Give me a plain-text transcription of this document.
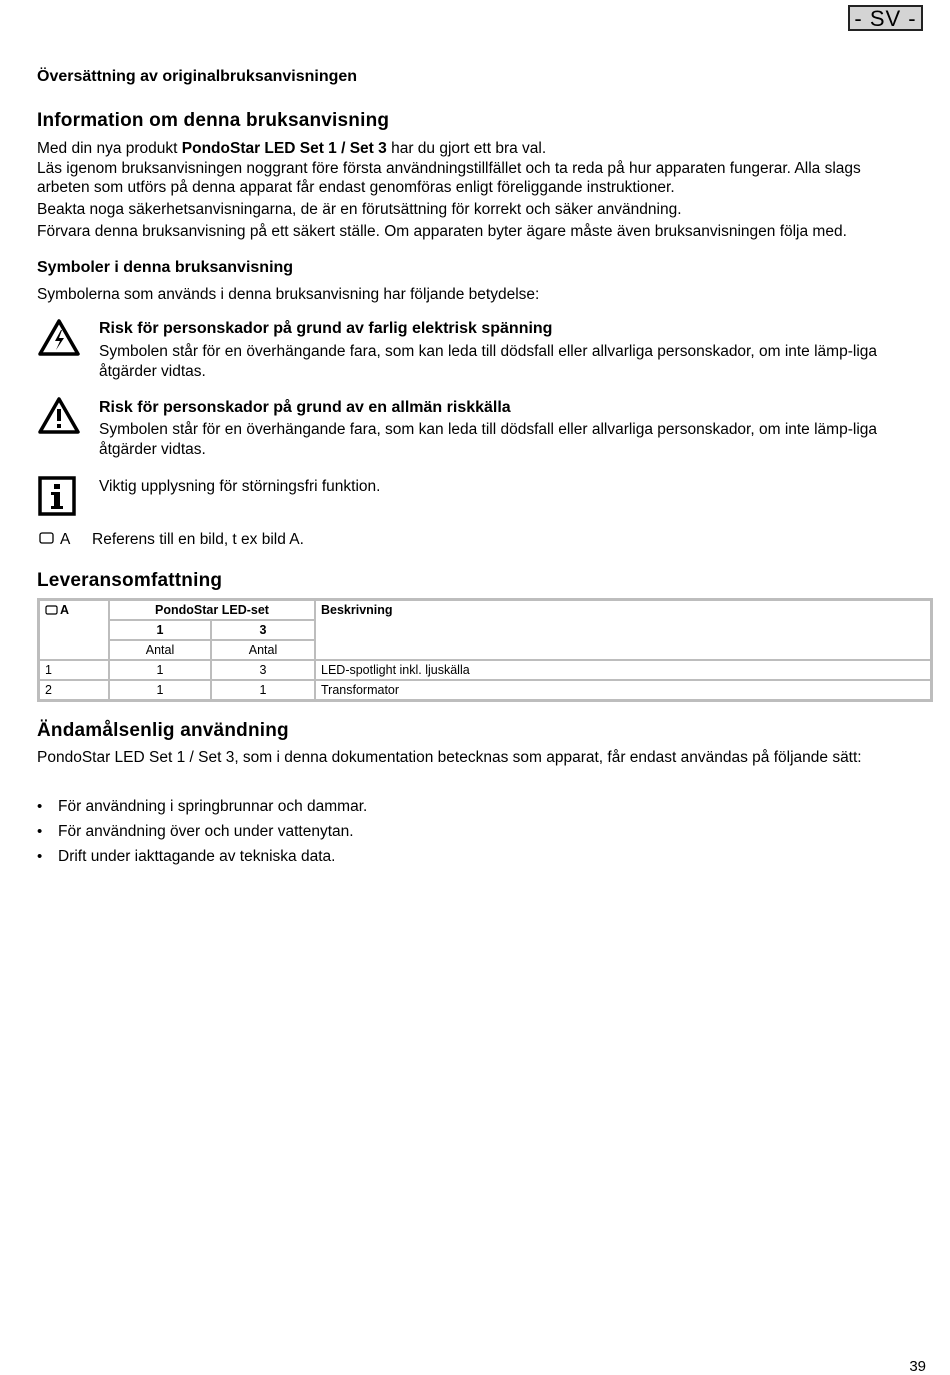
- SV -
Översättning av originalbruksanvisningen
Information om denna bruksanvisning
Med din nya produkt PondoStar LED Set 1 / Set 3 har du gjort ett bra val.
Läs igenom bruksanvisningen noggrant före första användningstillfället och ta reda på hur apparaten fungerar. Alla slags arbeten som utförs på denna apparat får endast genomföras enligt föreliggande instruktioner.
Beakta noga säkerhetsanvisningarna, de är en förutsättning för korrekt och säker användning.
Förvara denna bruksanvisning på ett säkert ställe. Om apparaten byter ägare måste även bruksanvisningen följa med.
Symboler i denna bruksanvisning
Symbolerna som används i denna bruksanvisning har följande betydelse:
Risk för personskador på grund av farlig elektrisk spänning
Symbolen står för en överhängande fara, som kan leda till dödsfall eller allvarliga personskador, om inte lämp-liga åtgärder vidtas.
Risk för personskador på grund av en allmän riskkälla
Symbolen står för en överhängande fara, som kan leda till dödsfall eller allvarliga personskador, om inte lämp-liga åtgärder vidtas.
Viktig upplysning för störningsfri funktion.
A Referens till en bild, t ex bild A.
Leveransomfattning
A	PondoStar LED-set		Beskrivning
	1	3	
	Antal	Antal	
1	1	3	LED-spotlight inkl. ljuskälla
2	1	1	Transformator
Ändamålsenlig användning
PondoStar LED Set 1 / Set 3, som i denna dokumentation betecknas som apparat, får endast användas på följande sätt:
• För användning i springbrunnar och dammar.
• För användning över och under vattenytan.
• Drift under iakttagande av tekniska data.
39
